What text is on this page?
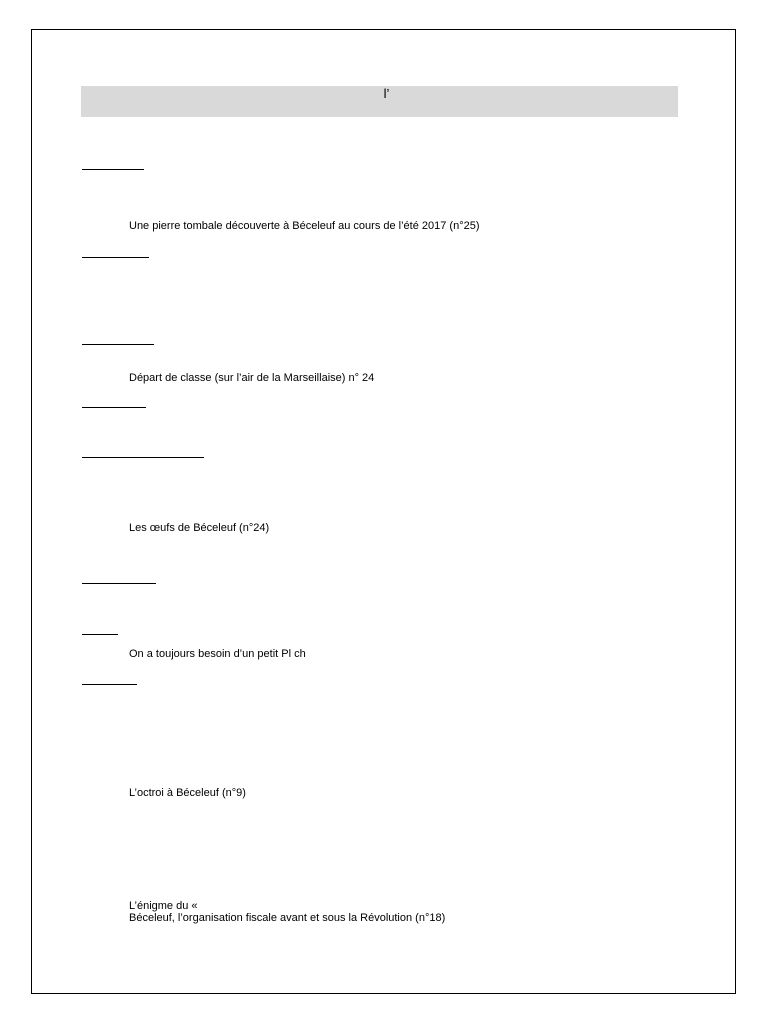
l’
Une pierre tombale découverte à Béceleuf au cours de l’été 2017 (n°25)
Départ de classe (sur l’air de la Marseillaise) n° 24
Les œufs de Béceleuf (n°24)
On a toujours besoin d’un petit Pl ch
L’octroi à Béceleuf (n°9)
L’énigme du «
Béceleuf, l’organisation fiscale avant et sous la Révolution (n°18)
